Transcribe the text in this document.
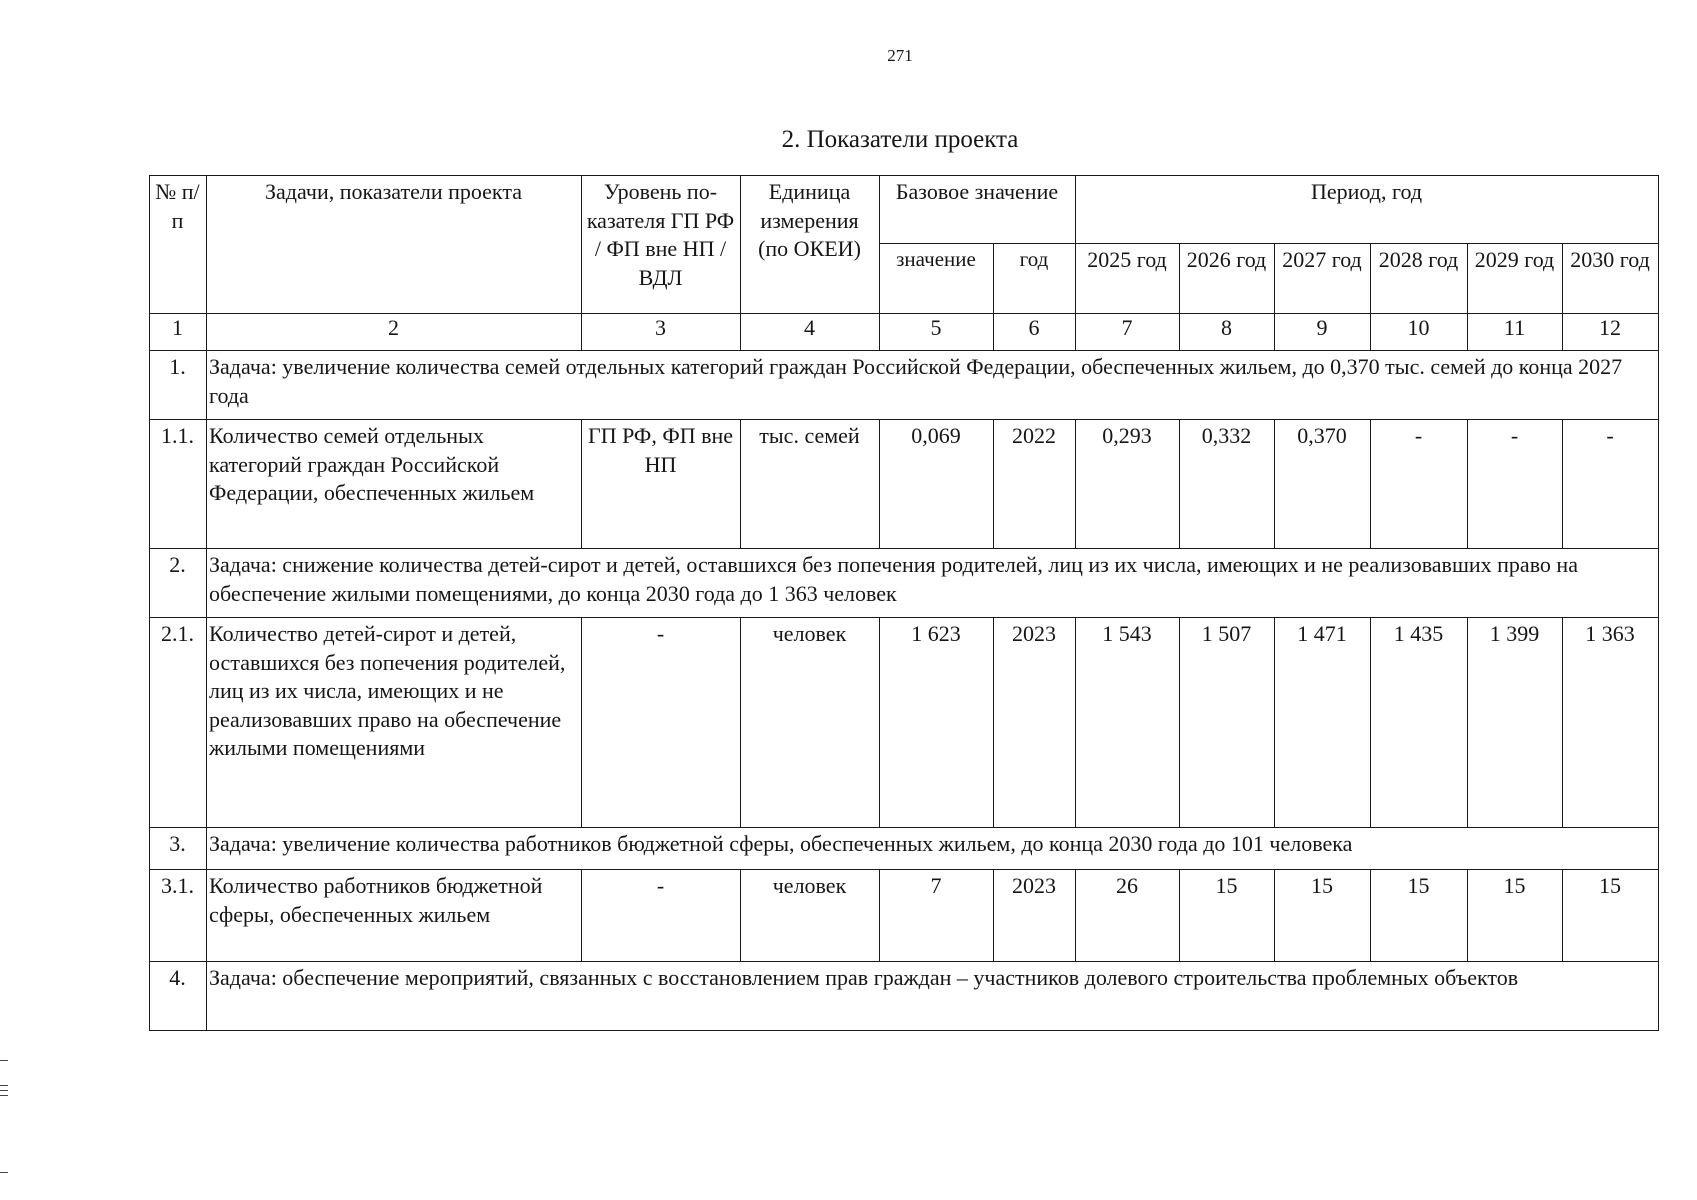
271
2. Показатели проекта
№ п/п	Задачи, показатели проекта	Уровень по-казателя ГП РФ / ФП вне НП / ВДЛ	Единица измерения (по ОКЕИ)	Базовое значение		Период, год					
				значение	год	2025 год	2026 год	2027 год	2028 год	2029 год	2030 год
1	2	3	4	5	6	7	8	9	10	11	12
1.	Задача: увеличение количества семей отдельных категорий граждан Российской Федерации, обеспеченных жильем, до 0,370 тыс. семей до конца 2027 года										
1.1.	Количество семей отдельных категорий граждан Российской Федерации, обеспеченных жильем	ГП РФ, ФП вне НП	тыс. семей	0,069	2022	0,293	0,332	0,370	-	-	-
2.	Задача: снижение количества детей-сирот и детей, оставшихся без попечения родителей, лиц из их числа, имеющих и не реализовавших право на обеспечение жилыми помещениями, до конца 2030 года до 1 363 человек										
2.1.	Количество детей-сирот и детей, оставшихся без попечения родителей, лиц из их числа, имеющих и не реализовавших право на обеспечение жилыми помещениями	-	человек	1 623	2023	1 543	1 507	1 471	1 435	1 399	1 363
3.	Задача: увеличение количества работников бюджетной сферы, обеспеченных жильем, до конца 2030 года до 101 человека										
3.1.	Количество работников бюджетной сферы, обеспеченных жильем	-	человек	7	2023	26	15	15	15	15	15
4.	Задача: обеспечение мероприятий, связанных с восстановлением прав граждан – участников долевого строительства проблемных объектов										
